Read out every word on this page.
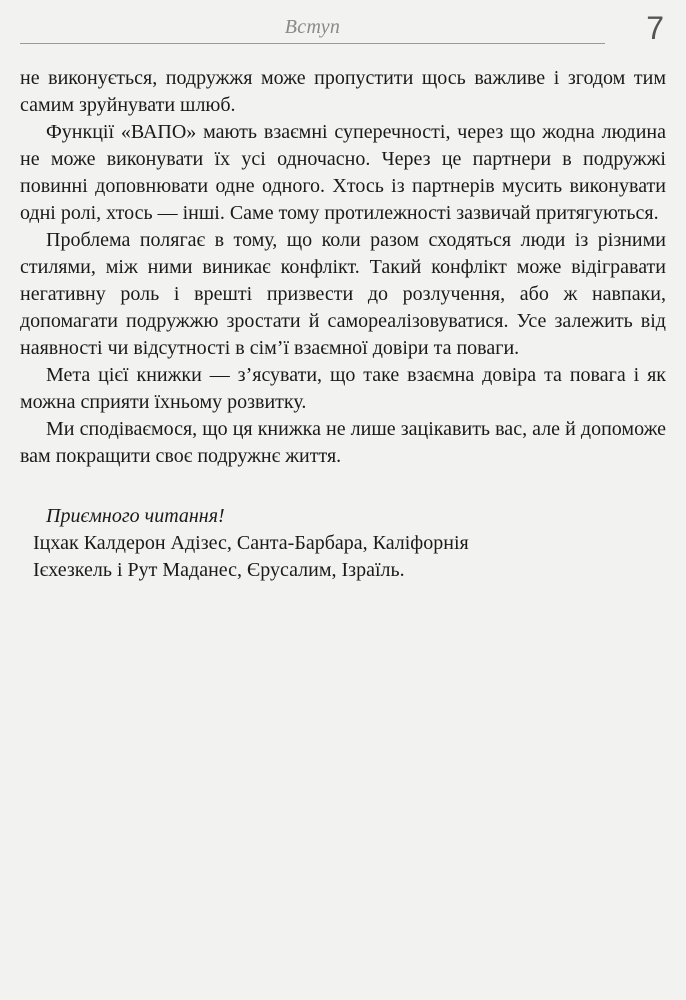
Вступ	7

не виконується, подружжя може пропустити щось важливе і згодом тим самим зруйнувати шлюб.

Функції «ВАПО» мають взаємні суперечності, через що жодна людина не може виконувати їх усі одночасно. Через це партнери в подружжі повинні доповнювати одне одного. Хтось із партнерів мусить виконувати одні ролі, хтось — інші. Саме тому протилежності зазвичай притягуються.

Проблема полягає в тому, що коли разом сходяться люди із різними стилями, між ними виникає конфлікт. Такий конфлікт може відігравати негативну роль і врешті призвести до розлучення, або ж навпаки, допомагати подружжю зростати й самореалізовуватися. Усе залежить від наявності чи відсутності в сім’ї взаємної довіри та поваги.

Мета цієї книжки — з’ясувати, що таке взаємна довіра та повага і як можна сприяти їхньому розвитку.

Ми сподіваємося, що ця книжка не лише зацікавить вас, але й допоможе вам покращити своє подружнє життя.

Приємного читання!

Іцхак Калдерон Адізес, Санта-Барбара, Каліфорнія

Ієхезкель і Рут Маданес, Єрусалим, Ізраїль.
